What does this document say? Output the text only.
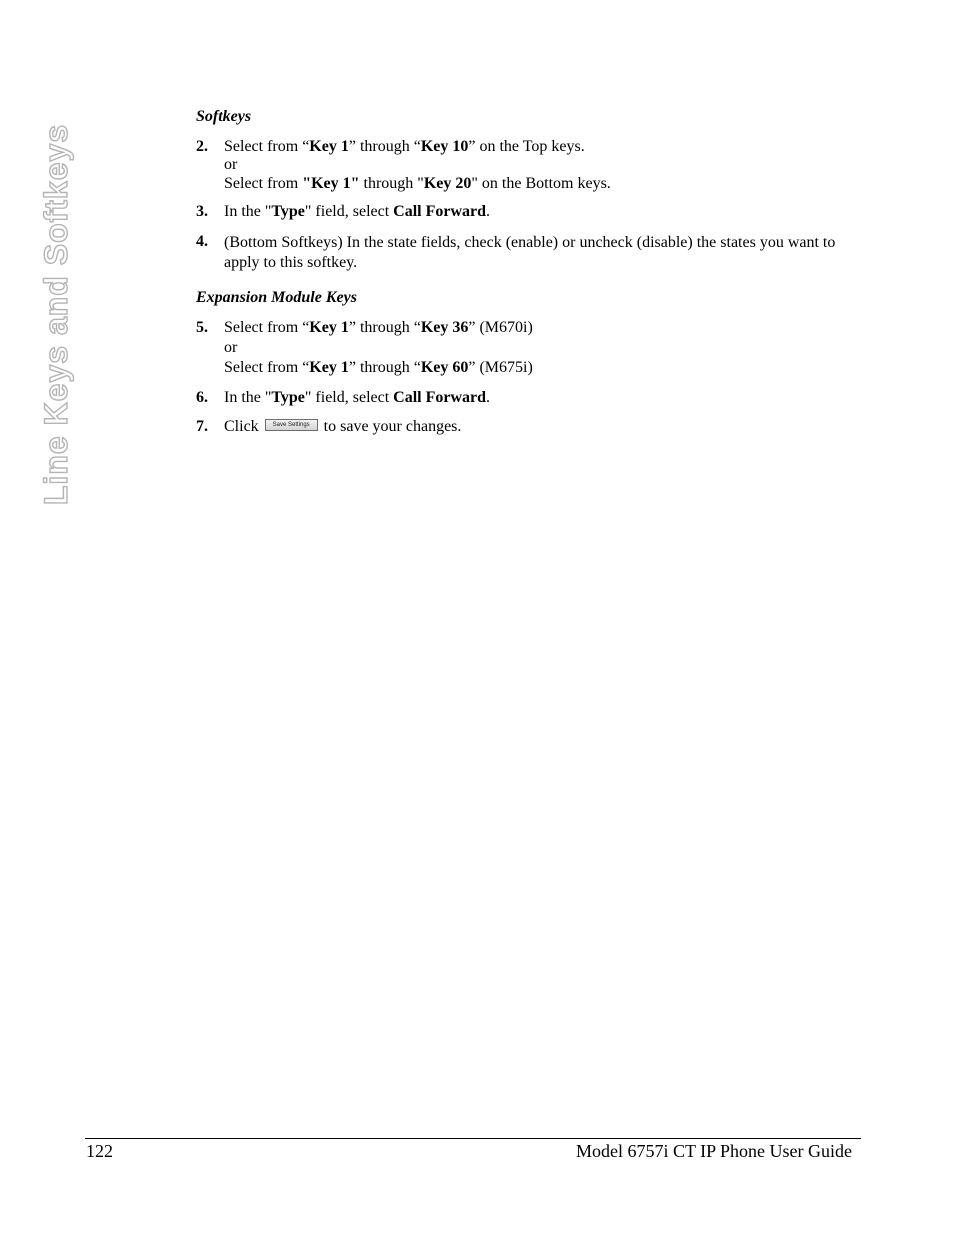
Line Keys and Softkeys
Softkeys
2. Select from “Key 1” through “Key 10” on the Top keys.
or
Select from "Key 1" through "Key 20" on the Bottom keys.
3. In the "Type" field, select Call Forward.
4. (Bottom Softkeys) In the state fields, check (enable) or uncheck (disable) the states you want to apply to this softkey.
Expansion Module Keys
5. Select from “Key 1” through “Key 36” (M670i)
or
Select from “Key 1” through “Key 60” (M675i)
6. In the "Type" field, select Call Forward.
7. Click Save Settings to save your changes.
122	Model 6757i CT IP Phone User Guide
